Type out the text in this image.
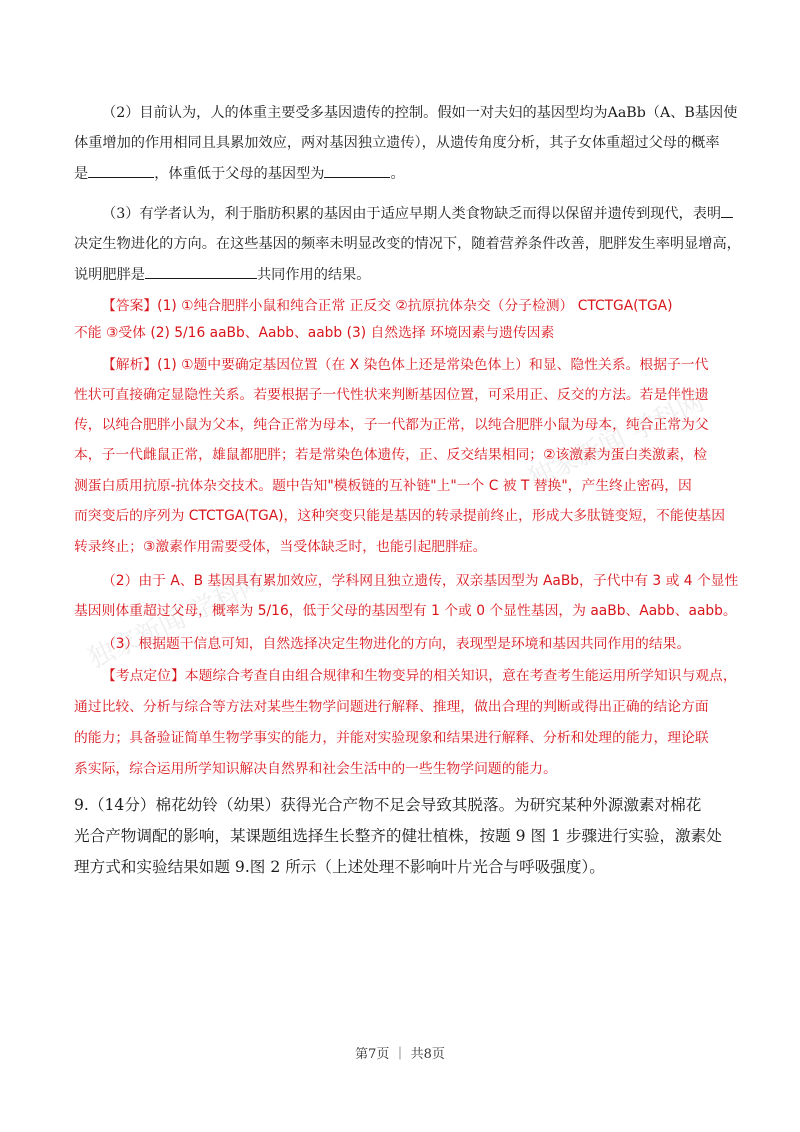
独家新闻 学科网
独家新闻 学科网
（2）目前认为，人的体重主要受多基因遗传的控制。假如一对夫妇的基因型均为AaBb（A、B基因使
体重增加的作用相同且具累加效应，两对基因独立遗传），从遗传角度分析，其子女体重超过父母的概率
是	，体重低于父母的基因型为	。
（3）有学者认为，利于脂肪积累的基因由于适应早期人类食物缺乏而得以保留并遗传到现代，表明
决定生物进化的方向。在这些基因的频率未明显改变的情况下，随着营养条件改善，肥胖发生率明显增高，
说明肥胖是	共同作用的结果。
【答案】(1) ①纯合肥胖小鼠和纯合正常 正反交 ②抗原抗体杂交（分子检测） CTCTGA(TGA)
不能 ③受体 (2) 5/16 aaBb、Aabb、aabb (3) 自然选择 环境因素与遗传因素
【解析】(1) ①题中要确定基因位置（在 X 染色体上还是常染色体上）和显、隐性关系。根据子一代
性状可直接确定显隐性关系。若要根据子一代性状来判断基因位置，可采用正、反交的方法。若是伴性遗
传，以纯合肥胖小鼠为父本，纯合正常为母本，子一代都为正常，以纯合肥胖小鼠为母本，纯合正常为父
本，子一代雌鼠正常，雄鼠都肥胖；若是常染色体遗传，正、反交结果相同；②该激素为蛋白类激素，检
测蛋白质用抗原-抗体杂交技术。题中告知"模板链的互补链"上"一个 C 被 T 替换"，产生终止密码，因
而突变后的序列为 CTCTGA(TGA)，这种突变只能是基因的转录提前终止，形成大多肽链变短，不能使基因
转录终止；③激素作用需要受体，当受体缺乏时，也能引起肥胖症。
（2）由于 A、B 基因具有累加效应，学科网且独立遗传，双亲基因型为 AaBb，子代中有 3 或 4 个显性
基因则体重超过父母，概率为 5/16，低于父母的基因型有 1 个或 0 个显性基因，为 aaBb、Aabb、aabb。
（3）根据题干信息可知，自然选择决定生物进化的方向，表现型是环境和基因共同作用的结果。
【考点定位】本题综合考查自由组合规律和生物变异的相关知识，意在考查考生能运用所学知识与观点，
通过比较、分析与综合等方法对某些生物学问题进行解释、推理，做出合理的判断或得出正确的结论方面
的能力；具备验证简单生物学事实的能力，并能对实验现象和结果进行解释、分析和处理的能力，理论联
系实际，综合运用所学知识解决自然界和社会生活中的一些生物学问题的能力。
9.（14分）棉花幼铃（幼果）获得光合产物不足会导致其脱落。为研究某种外源激素对棉花
光合产物调配的影响，某课题组选择生长整齐的健壮植株，按题 9 图 1 步骤进行实验，激素处
理方式和实验结果如题 9.图 2 所示（上述处理不影响叶片光合与呼吸强度）。
第7页 ｜ 共8页
